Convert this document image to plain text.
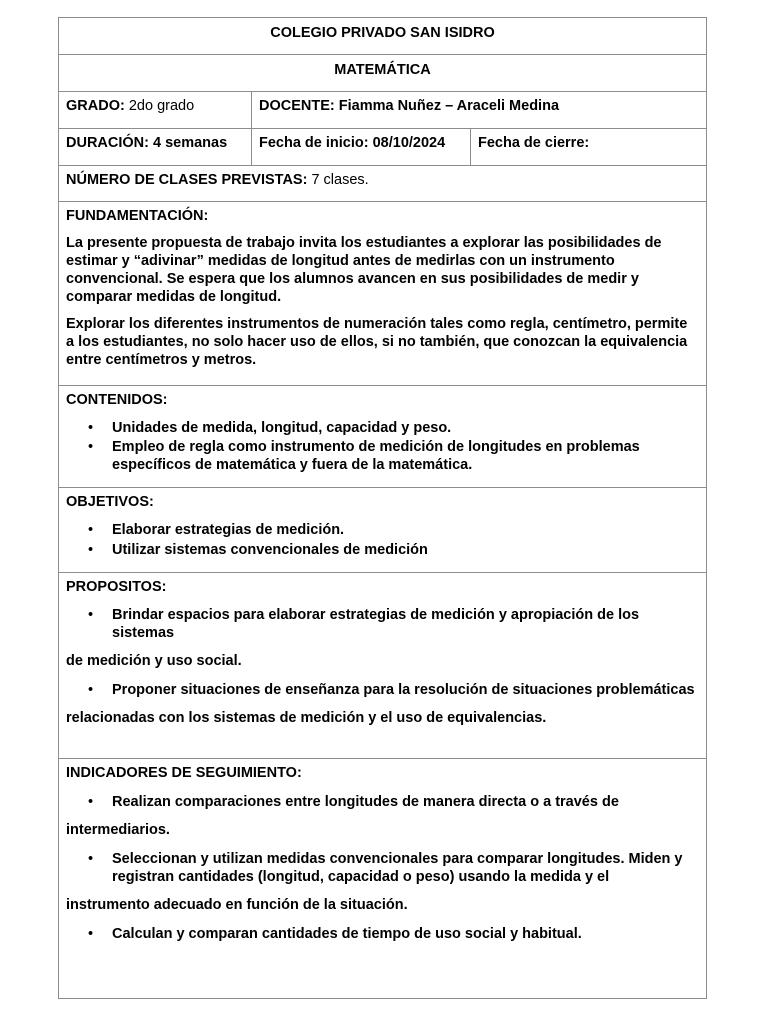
COLEGIO PRIVADO SAN ISIDRO
MATEMÁTICA
GRADO: 2do grado	DOCENTE: Fiamma Nuñez – Araceli Medina
DURACIÓN: 4 semanas	Fecha de inicio: 08/10/2024	Fecha de cierre:
NÚMERO DE CLASES PREVISTAS: 7 clases.

FUNDAMENTACIÓN:

La presente propuesta de trabajo invita los estudiantes a explorar las posibilidades de estimar y “adivinar” medidas de longitud antes de medirlas con un instrumento convencional. Se espera que los alumnos avancen en sus posibilidades de medir y comparar medidas de longitud.

Explorar los diferentes instrumentos de numeración tales como regla, centímetro, permite a los estudiantes, no solo hacer uso de ellos, si no también, que conozcan la equivalencia entre centímetros y metros.

CONTENIDOS:

• Unidades de medida, longitud, capacidad y peso.
• Empleo de regla como instrumento de medición de longitudes en problemas específicos de matemática y fuera de la matemática.

OBJETIVOS:

• Elaborar estrategias de medición.
• Utilizar sistemas convencionales de medición

PROPOSITOS:

• Brindar espacios para elaborar estrategias de medición y apropiación de los sistemas

de medición y uso social.

• Proponer situaciones de enseñanza para la resolución de situaciones problemáticas

relacionadas con los sistemas de medición y el uso de equivalencias.

INDICADORES DE SEGUIMIENTO:

• Realizan comparaciones entre longitudes de manera directa o a través de

intermediarios.

• Seleccionan y utilizan medidas convencionales para comparar longitudes. Miden y registran cantidades (longitud, capacidad o peso) usando la medida y el

instrumento adecuado en función de la situación.

• Calculan y comparan cantidades de tiempo de uso social y habitual.
